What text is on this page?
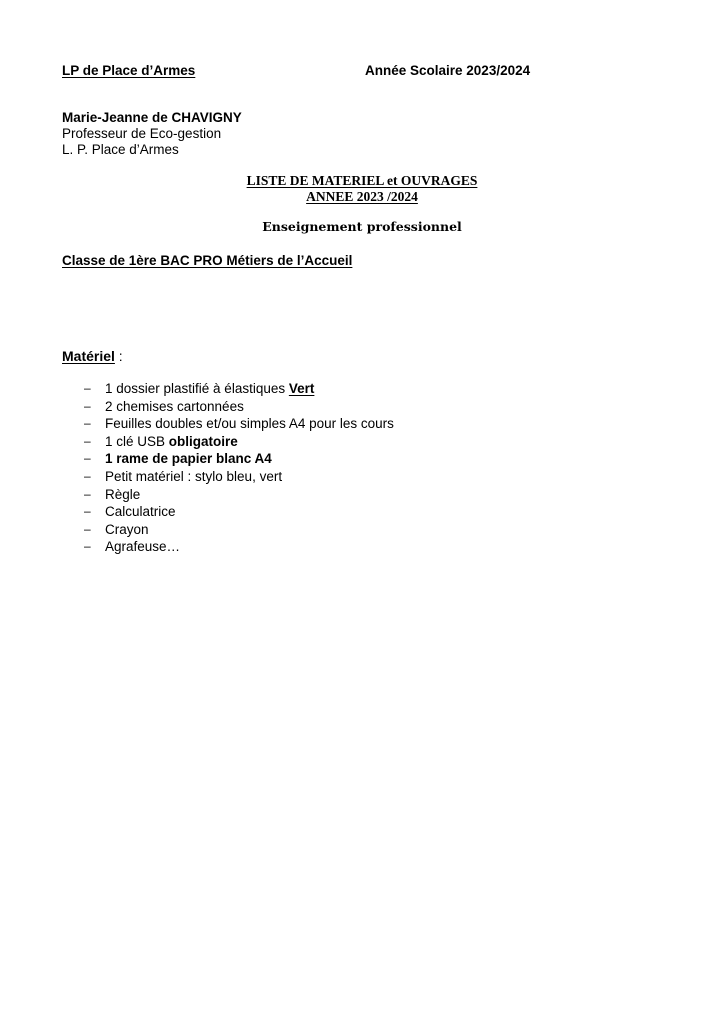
LP de Place d’Armes	Année Scolaire 2023/2024
Marie-Jeanne de CHAVIGNY
Professeur de Eco-gestion
L. P. Place d’Armes
LISTE DE MATERIEL et OUVRAGES
ANNEE 2023 /2024
Enseignement professionnel
Classe de 1ère BAC PRO Métiers de l’Accueil
Matériel :
–	1 dossier plastifié à élastiques Vert
–	2 chemises cartonnées
–	Feuilles doubles et/ou simples A4 pour les cours
–	1 clé USB obligatoire
–	1 rame de papier blanc A4
–	Petit matériel : stylo bleu, vert
–	Règle
–	Calculatrice
–	Crayon
–	Agrafeuse…
